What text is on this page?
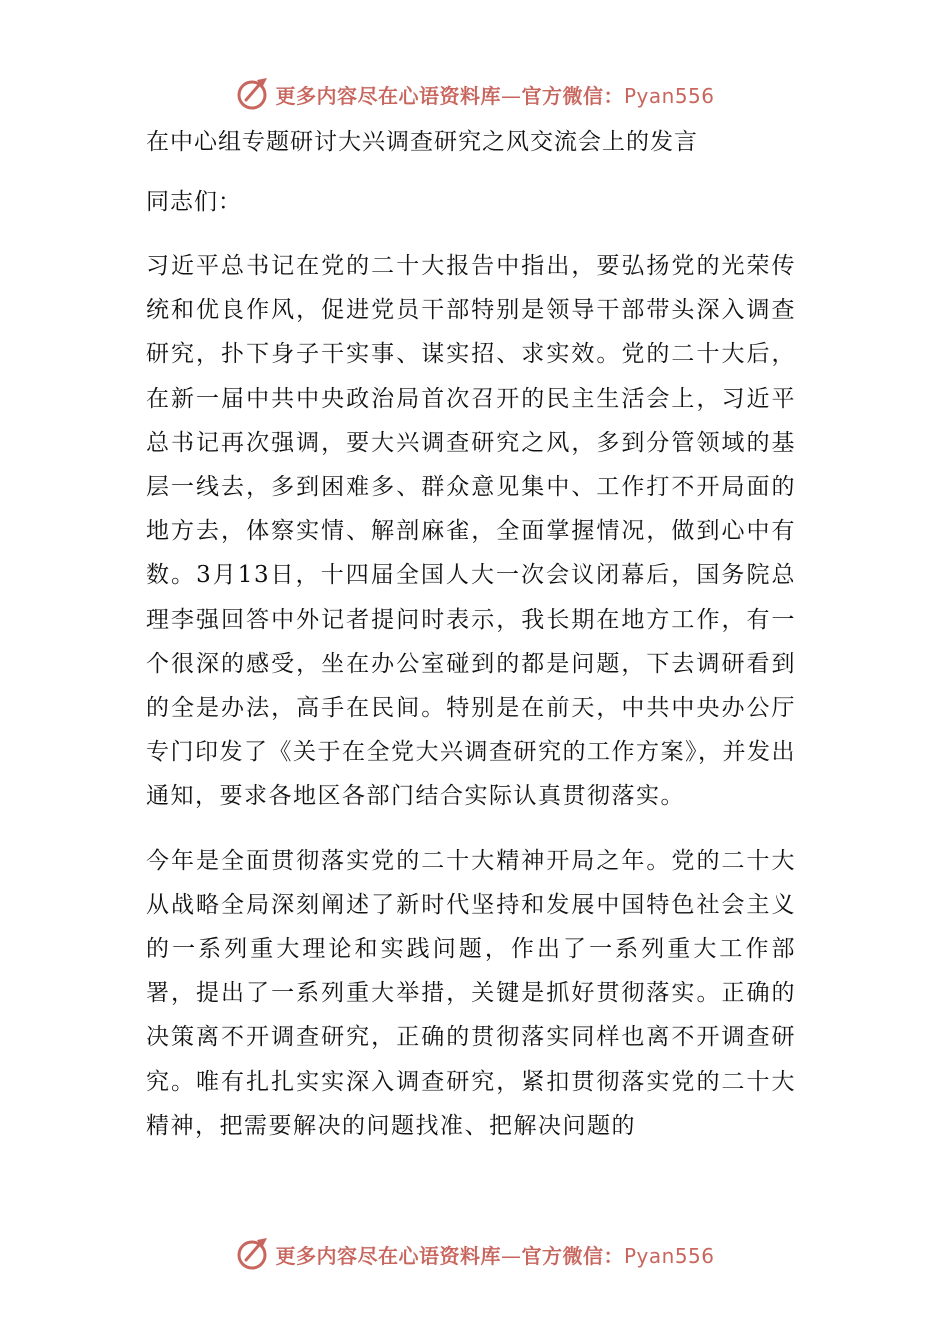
更多内容尽在心语资料库—官方微信：Pyan556
在中心组专题研讨大兴调查研究之风交流会上的发言
同志们：

习近平总书记在党的二十大报告中指出，要弘扬党的光荣传统和优良作风，促进党员干部特别是领导干部带头深入调查研究，扑下身子干实事、谋实招、求实效。党的二十大后，在新一届中共中央政治局首次召开的民主生活会上，习近平总书记再次强调，要大兴调查研究之风，多到分管领域的基层一线去，多到困难多、群众意见集中、工作打不开局面的地方去，体察实情、解剖麻雀，全面掌握情况，做到心中有数。3月13日，十四届全国人大一次会议闭幕后，国务院总理李强回答中外记者提问时表示，我长期在地方工作，有一个很深的感受，坐在办公室碰到的都是问题，下去调研看到的全是办法，高手在民间。特别是在前天，中共中央办公厅专门印发了《关于在全党大兴调查研究的工作方案》，并发出通知，要求各地区各部门结合实际认真贯彻落实。

今年是全面贯彻落实党的二十大精神开局之年。党的二十大从战略全局深刻阐述了新时代坚持和发展中国特色社会主义的一系列重大理论和实践问题，作出了一系列重大工作部署，提出了一系列重大举措，关键是抓好贯彻落实。正确的决策离不开调查研究，正确的贯彻落实同样也离不开调查研究。唯有扎扎实实深入调查研究，紧扣贯彻落实党的二十大精神，把需要解决的问题找准、把解决问题的

更多内容尽在心语资料库—官方微信：Pyan556
